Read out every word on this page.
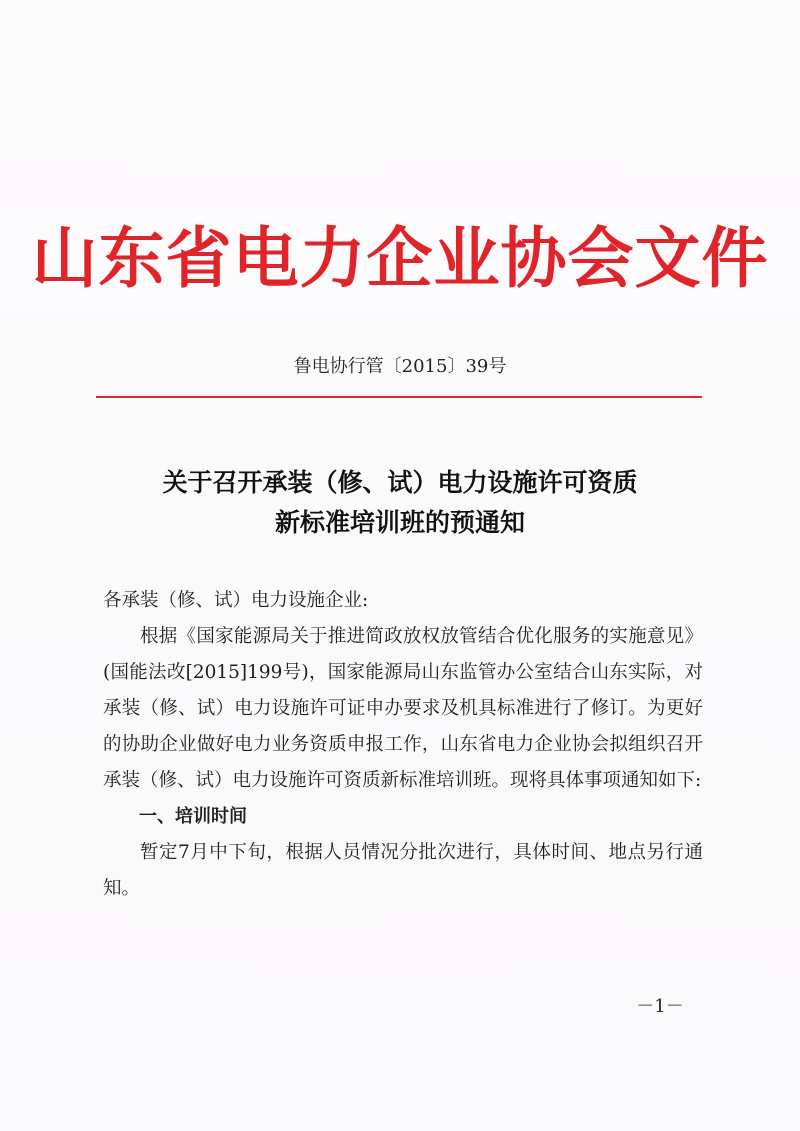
山东省电力企业协会文件
鲁电协行管〔2015〕39号
关于召开承装（修、试）电力设施许可资质
新标准培训班的预通知

各承装（修、试）电力设施企业:

根据《国家能源局关于推进简政放权放管结合优化服务的实施意见》(国能法改[2015]199号)，国家能源局山东监管办公室结合山东实际，对承装（修、试）电力设施许可证申办要求及机具标准进行了修订。为更好的协助企业做好电力业务资质申报工作，山东省电力企业协会拟组织召开承装（修、试）电力设施许可资质新标准培训班。现将具体事项通知如下:

一、培训时间

暂定7月中下旬，根据人员情况分批次进行，具体时间、地点另行通知。

－1－
